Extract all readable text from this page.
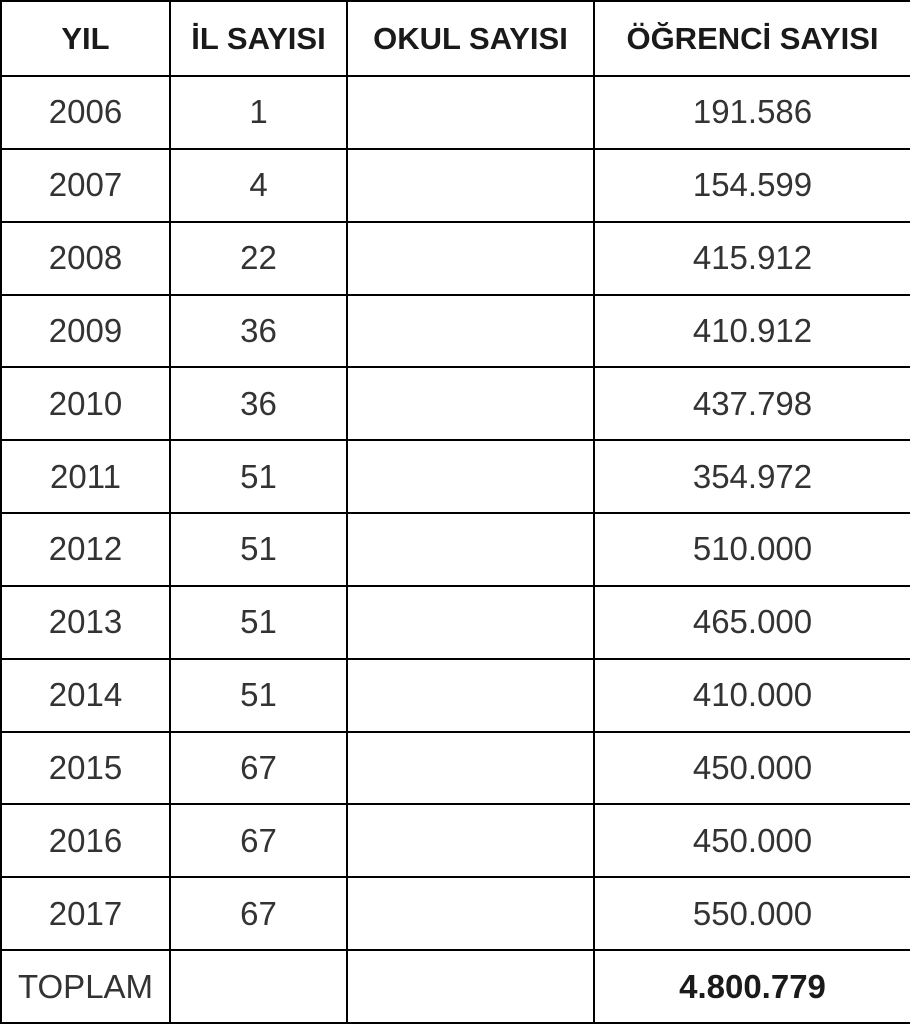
YIL	İL SAYISI	OKUL SAYISI	ÖĞRENCİ SAYISI
2006	1		191.586
2007	4		154.599
2008	22		415.912
2009	36		410.912
2010	36		437.798
2011	51		354.972
2012	51		510.000
2013	51		465.000
2014	51		410.000
2015	67		450.000
2016	67		450.000
2017	67		550.000
TOPLAM			4.800.779
